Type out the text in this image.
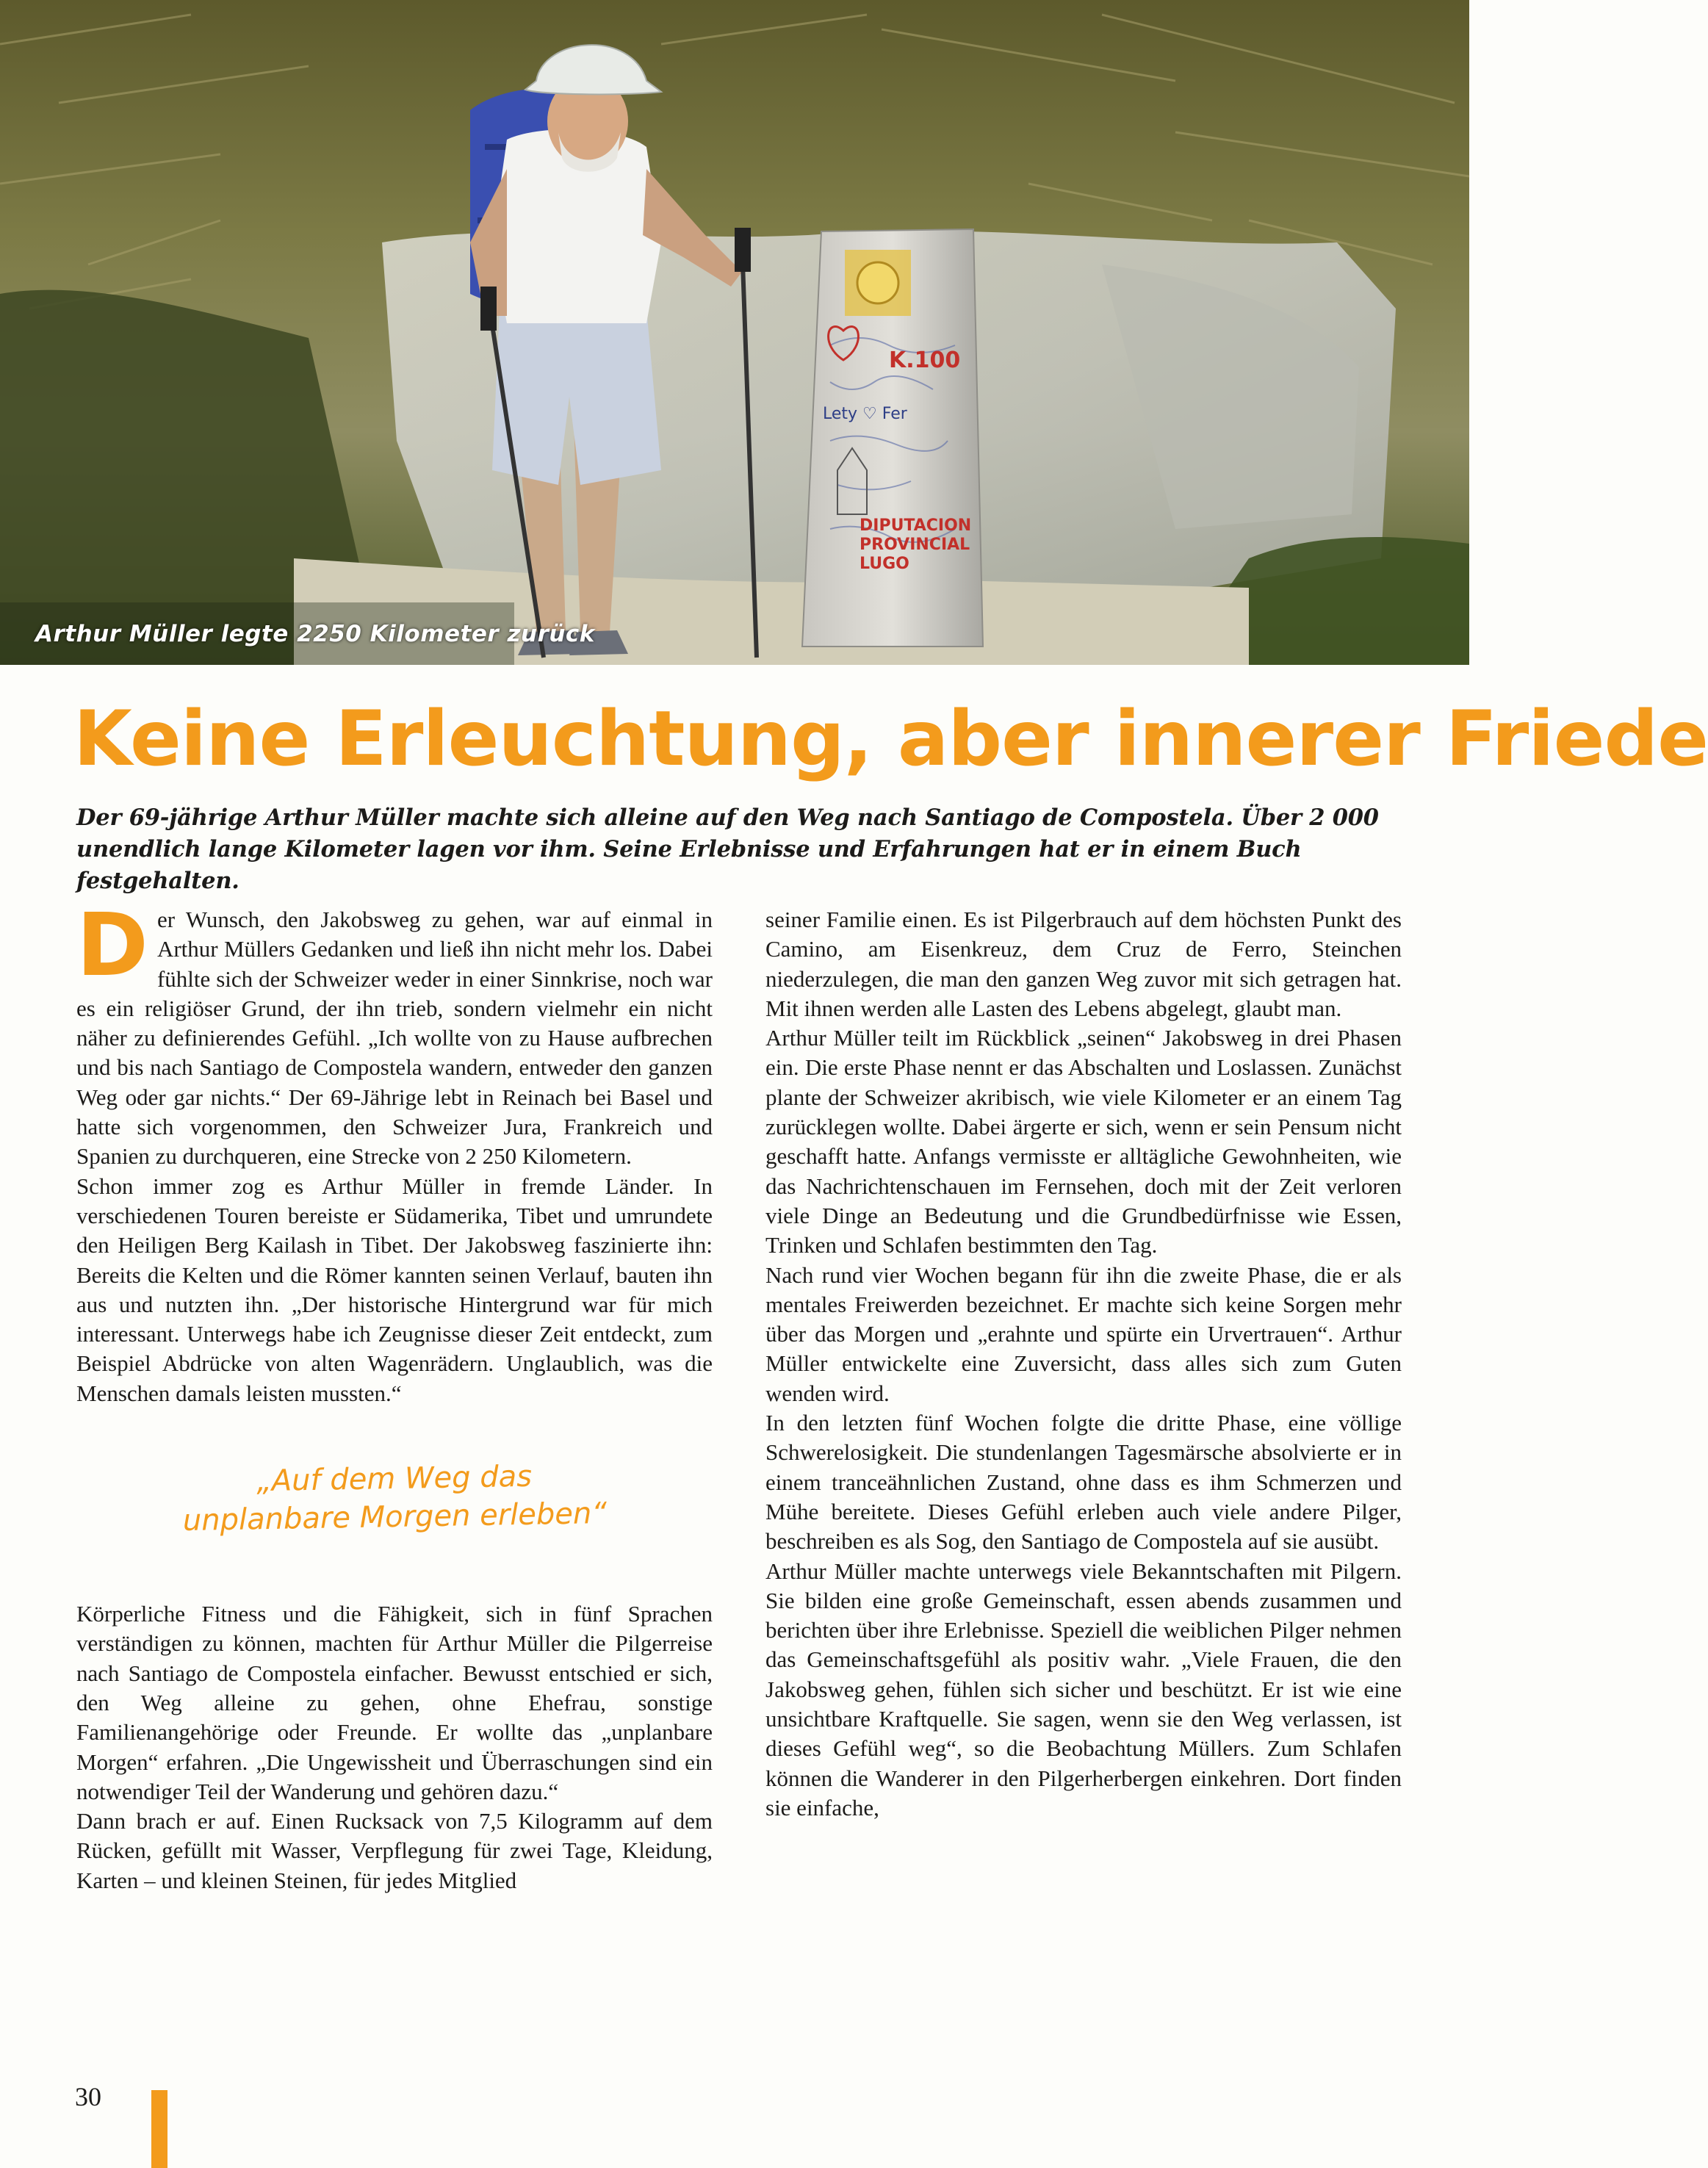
K.100
Lety ♡ Fer
DIPUTACION
PROVINCIAL
LUGO
Arthur Müller legte 2250 Kilometer zurück
Keine Erleuchtung, aber innerer Friede
Der 69-jährige Arthur Müller machte sich alleine auf den Weg nach Santiago de Compostela. Über 2 000 unendlich lange Kilometer lagen vor ihm. Seine Erlebnisse und Erfahrungen hat er in einem Buch festgehalten.
D er Wunsch, den Jakobsweg zu gehen, war auf einmal in Arthur Müllers Gedanken und ließ ihn nicht mehr los. Dabei fühlte sich der Schweizer weder in einer Sinnkrise, noch war es ein religiöser Grund, der ihn trieb, sondern vielmehr ein nicht näher zu definierendes Gefühl. „Ich wollte von zu Hause aufbrechen und bis nach Santiago de Compostela wandern, entweder den ganzen Weg oder gar nichts.“ Der 69-Jährige lebt in Reinach bei Basel und hatte sich vorgenommen, den Schweizer Jura, Frankreich und Spanien zu durchqueren, eine Strecke von 2 250 Kilometern.

Schon immer zog es Arthur Müller in fremde Länder. In verschiedenen Touren bereiste er Südamerika, Tibet und umrundete den Heiligen Berg Kailash in Tibet. Der Jakobsweg faszinierte ihn: Bereits die Kelten und die Römer kannten seinen Verlauf, bauten ihn aus und nutzten ihn. „Der historische Hintergrund war für mich interessant. Unterwegs habe ich Zeugnisse dieser Zeit entdeckt, zum Beispiel Abdrücke von alten Wagenrädern. Unglaublich, was die Menschen damals leisten mussten.“

„Auf dem Weg das
unplanbare Morgen erleben“

Körperliche Fitness und die Fähigkeit, sich in fünf Sprachen verständigen zu können, machten für Arthur Müller die Pilgerreise nach Santiago de Compostela einfacher. Bewusst entschied er sich, den Weg alleine zu gehen, ohne Ehefrau, sonstige Familienangehörige oder Freunde. Er wollte das „unplanbare Morgen“ erfahren. „Die Ungewissheit und Überraschungen sind ein notwendiger Teil der Wanderung und gehören dazu.“

Dann brach er auf. Einen Rucksack von 7,5 Kilogramm auf dem Rücken, gefüllt mit Wasser, Verpflegung für zwei Tage, Kleidung, Karten – und kleinen Steinen, für jedes Mitglied

seiner Familie einen. Es ist Pilgerbrauch auf dem höchsten Punkt des Camino, am Eisenkreuz, dem Cruz de Ferro, Steinchen niederzulegen, die man den ganzen Weg zuvor mit sich getragen hat. Mit ihnen werden alle Lasten des Lebens abgelegt, glaubt man.

Arthur Müller teilt im Rückblick „seinen“ Jakobsweg in drei Phasen ein. Die erste Phase nennt er das Abschalten und Loslassen. Zunächst plante der Schweizer akribisch, wie viele Kilometer er an einem Tag zurücklegen wollte. Dabei ärgerte er sich, wenn er sein Pensum nicht geschafft hatte. Anfangs vermisste er alltägliche Gewohnheiten, wie das Nachrichtenschauen im Fernsehen, doch mit der Zeit verloren viele Dinge an Bedeutung und die Grundbedürfnisse wie Essen, Trinken und Schlafen bestimmten den Tag.

Nach rund vier Wochen begann für ihn die zweite Phase, die er als mentales Freiwerden bezeichnet. Er machte sich keine Sorgen mehr über das Morgen und „erahnte und spürte ein Urvertrauen“. Arthur Müller entwickelte eine Zuversicht, dass alles sich zum Guten wenden wird.

In den letzten fünf Wochen folgte die dritte Phase, eine völlige Schwerelosigkeit. Die stundenlangen Tagesmärsche absolvierte er in einem tranceähnlichen Zustand, ohne dass es ihm Schmerzen und Mühe bereitete. Dieses Gefühl erleben auch viele andere Pilger, beschreiben es als Sog, den Santiago de Compostela auf sie ausübt.

Arthur Müller machte unterwegs viele Bekanntschaften mit Pilgern. Sie bilden eine große Gemeinschaft, essen abends zusammen und berichten über ihre Erlebnisse. Speziell die weiblichen Pilger nehmen das Gemeinschaftsgefühl als positiv wahr. „Viele Frauen, die den Jakobsweg gehen, fühlen sich sicher und beschützt. Er ist wie eine unsichtbare Kraftquelle. Sie sagen, wenn sie den Weg verlassen, ist dieses Gefühl weg“, so die Beobachtung Müllers. Zum Schlafen können die Wanderer in den Pilgerherbergen einkehren. Dort finden sie einfache,

30
